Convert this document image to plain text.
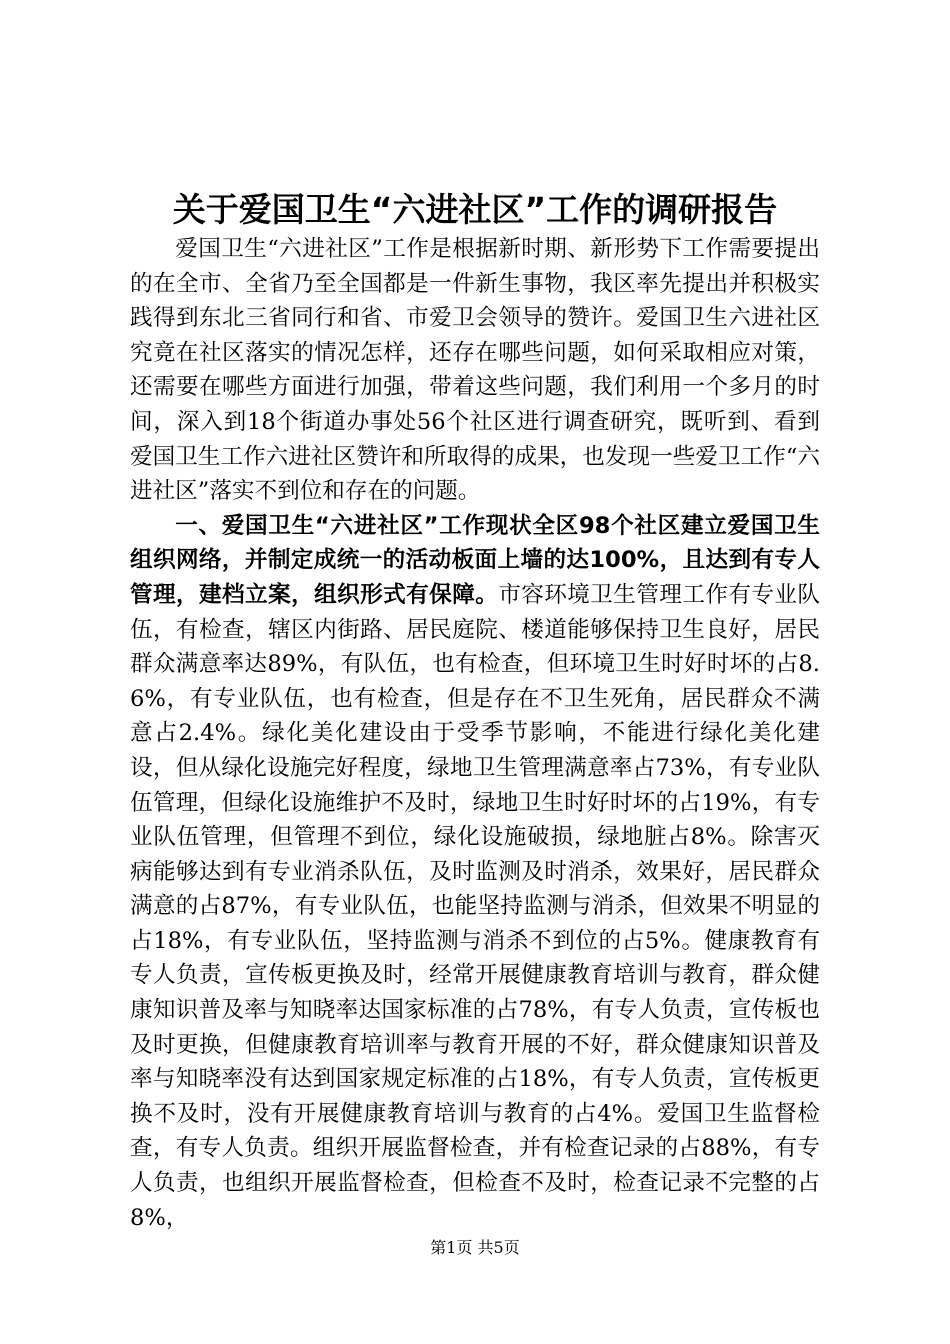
关于爱国卫生“六进社区”工作的调研报告

爱国卫生“六进社区”工作是根据新时期、新形势下工作需要提出的在全市、全省乃至全国都是一件新生事物，我区率先提出并积极实践得到东北三省同行和省、市爱卫会领导的赞许。爱国卫生六进社区究竟在社区落实的情况怎样，还存在哪些问题，如何采取相应对策，还需要在哪些方面进行加强，带着这些问题，我们利用一个多月的时间，深入到18个街道办事处56个社区进行调查研究，既听到、看到爱国卫生工作六进社区赞许和所取得的成果，也发现一些爱卫工作“六进社区”落实不到位和存在的问题。

一、爱国卫生“六进社区”工作现状全区98个社区建立爱国卫生组织网络，并制定成统一的活动板面上墙的达100%，且达到有专人管理，建档立案，组织形式有保障。市容环境卫生管理工作有专业队伍，有检查，辖区内街路、居民庭院、楼道能够保持卫生良好，居民群众满意率达89%，有队伍，也有检查，但环境卫生时好时坏的占8.6%，有专业队伍，也有检查，但是存在不卫生死角，居民群众不满意占2.4%。绿化美化建设由于受季节影响，不能进行绿化美化建设，但从绿化设施完好程度，绿地卫生管理满意率占73%，有专业队伍管理，但绿化设施维护不及时，绿地卫生时好时坏的占19%，有专业队伍管理，但管理不到位，绿化设施破损，绿地脏占8%。除害灭病能够达到有专业消杀队伍，及时监测及时消杀，效果好，居民群众满意的占87%，有专业队伍，也能坚持监测与消杀，但效果不明显的占18%，有专业队伍，坚持监测与消杀不到位的占5%。健康教育有专人负责，宣传板更换及时，经常开展健康教育培训与教育，群众健康知识普及率与知晓率达国家标准的占78%，有专人负责，宣传板也及时更换，但健康教育培训率与教育开展的不好，群众健康知识普及率与知晓率没有达到国家规定标准的占18%，有专人负责，宣传板更换不及时，没有开展健康教育培训与教育的占4%。爱国卫生监督检查，有专人负责。组织开展监督检查，并有检查记录的占88%，有专人负责，也组织开展监督检查，但检查不及时，检查记录不完整的占8%，

第1页 共5页
